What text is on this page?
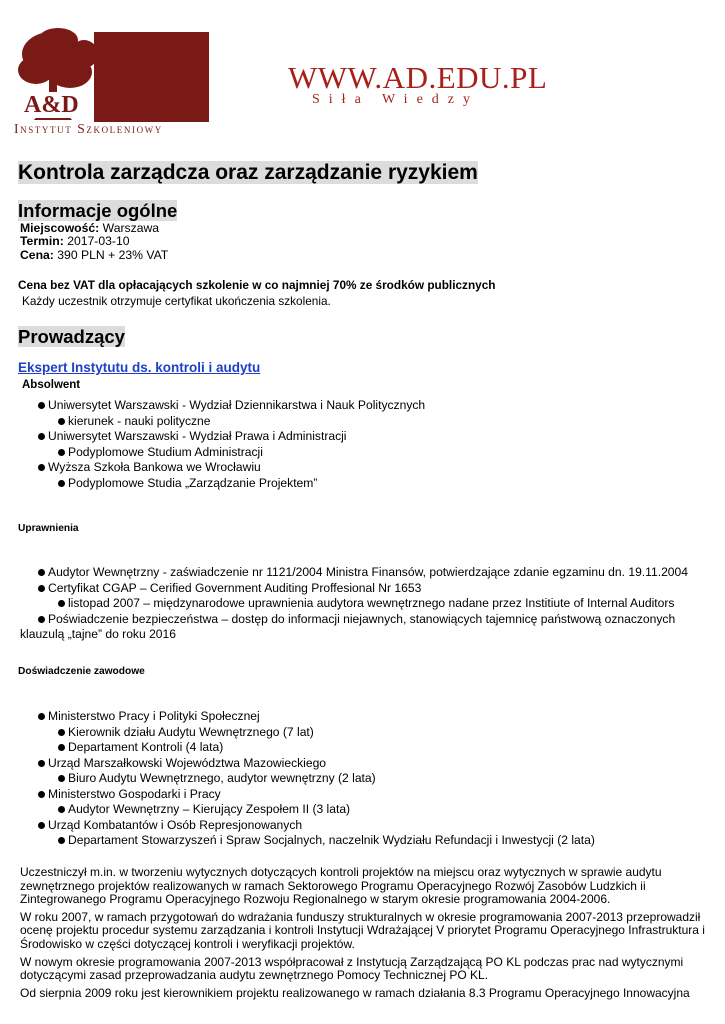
A&D
Instytut Szkoleniowy
WWW.AD.EDU.PL
Siła Wiedzy
Kontrola zarządcza oraz zarządzanie ryzykiem
Informacje ogólne
Miejscowość: Warszawa
Termin: 2017-03-10
Cena: 390 PLN + 23% VAT
Cena bez VAT dla opłacających szkolenie w co najmniej 70% ze środków publicznych
Każdy uczestnik otrzymuje certyfikat ukończenia szkolenia.
Prowadzący
Ekspert Instytutu ds. kontroli i audytu
Absolwent
Uniwersytet Warszawski - Wydział Dziennikarstwa i Nauk Politycznych
kierunek - nauki polityczne
Uniwersytet Warszawski - Wydział Prawa i Administracji
Podyplomowe Studium Administracji
Wyższa Szkoła Bankowa we Wrocławiu
Podyplomowe Studia „Zarządzanie Projektem”
Uprawnienia
Audytor Wewnętrzny - zaświadczenie nr 1121/2004 Ministra Finansów, potwierdzające zdanie egzaminu dn. 19.11.2004
Certyfikat CGAP – Cerified Government Auditing Proffesional Nr 1653
listopad 2007 – międzynarodowe uprawnienia audytora wewnętrznego nadane przez Institiute of Internal Auditors
Poświadczenie bezpieczeństwa – dostęp do informacji niejawnych, stanowiących tajemnicę państwową oznaczonych
klauzulą „tajne” do roku 2016
Doświadczenie zawodowe
Ministerstwo Pracy i Polityki Społecznej
Kierownik działu Audytu Wewnętrznego (7 lat)
Departament Kontroli (4 lata)
Urząd Marszałkowski Województwa Mazowieckiego
Biuro Audytu Wewnętrznego, audytor wewnętrzny (2 lata)
Ministerstwo Gospodarki i Pracy
Audytor Wewnętrzny – Kierujący Zespołem II (3 lata)
Urząd Kombatantów i Osób Represjonowanych
Departament Stowarzyszeń i Spraw Socjalnych, naczelnik Wydziału Refundacji i Inwestycji (2 lata)

Uczestniczył m.in. w tworzeniu wytycznych dotyczących kontroli projektów na miejscu oraz wytycznych w sprawie audytu zewnętrznego projektów realizowanych w ramach Sektorowego Programu Operacyjnego Rozwój Zasobów Ludzkich ii Zintegrowanego Programu Operacyjnego Rozwoju Regionalnego w starym okresie programowania 2004-2006.

W roku 2007, w ramach przygotowań do wdrażania funduszy strukturalnych w okresie programowania 2007-2013 przeprowadził ocenę projektu procedur systemu zarządzania i kontroli Instytucji Wdrażającej V priorytet Programu Operacyjnego Infrastruktura i Środowisko w części dotyczącej kontroli i weryfikacji projektów.

W nowym okresie programowania 2007-2013 współpracował z Instytucją Zarządzającą PO KL podczas prac nad wytycznymi dotyczącymi zasad przeprowadzania audytu zewnętrznego Pomocy Technicznej PO KL.

Od sierpnia 2009 roku jest kierownikiem projektu realizowanego w ramach działania 8.3 Programu Operacyjnego Innowacyjna
